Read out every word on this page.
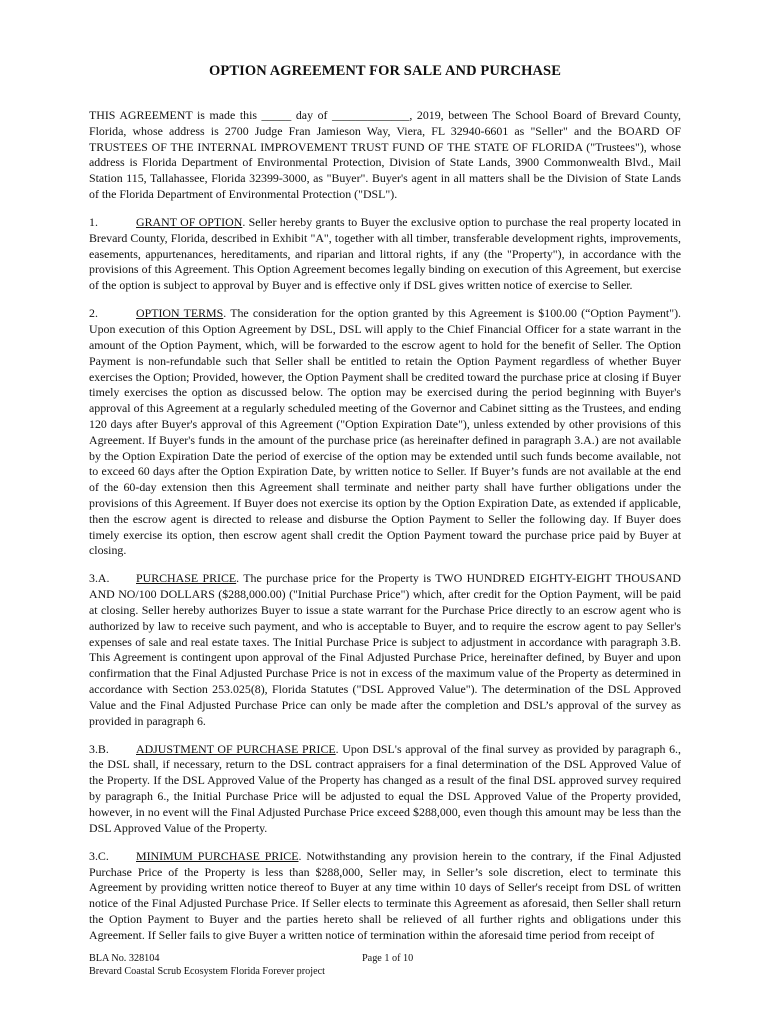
OPTION AGREEMENT FOR SALE AND PURCHASE

THIS AGREEMENT is made this _____ day of _____________, 2019, between The School Board of Brevard County, Florida, whose address is 2700 Judge Fran Jamieson Way, Viera, FL 32940-6601 as "Seller" and the BOARD OF TRUSTEES OF THE INTERNAL IMPROVEMENT TRUST FUND OF THE STATE OF FLORIDA ("Trustees"), whose address is Florida Department of Environmental Protection, Division of State Lands, 3900 Commonwealth Blvd., Mail Station 115, Tallahassee, Florida 32399-3000, as "Buyer". Buyer's agent in all matters shall be the Division of State Lands of the Florida Department of Environmental Protection ("DSL").

1.	GRANT OF OPTION. Seller hereby grants to Buyer the exclusive option to purchase the real property located in Brevard County, Florida, described in Exhibit "A", together with all timber, transferable development rights, improvements, easements, appurtenances, hereditaments, and riparian and littoral rights, if any (the "Property"), in accordance with the provisions of this Agreement. This Option Agreement becomes legally binding on execution of this Agreement, but exercise of the option is subject to approval by Buyer and is effective only if DSL gives written notice of exercise to Seller.

2.	OPTION TERMS. The consideration for the option granted by this Agreement is $100.00 (“Option Payment"). Upon execution of this Option Agreement by DSL, DSL will apply to the Chief Financial Officer for a state warrant in the amount of the Option Payment, which, will be forwarded to the escrow agent to hold for the benefit of Seller. The Option Payment is non-refundable such that Seller shall be entitled to retain the Option Payment regardless of whether Buyer exercises the Option; Provided, however, the Option Payment shall be credited toward the purchase price at closing if Buyer timely exercises the option as discussed below. The option may be exercised during the period beginning with Buyer's approval of this Agreement at a regularly scheduled meeting of the Governor and Cabinet sitting as the Trustees, and ending 120 days after Buyer's approval of this Agreement ("Option Expiration Date"), unless extended by other provisions of this Agreement. If Buyer's funds in the amount of the purchase price (as hereinafter defined in paragraph 3.A.) are not available by the Option Expiration Date the period of exercise of the option may be extended until such funds become available, not to exceed 60 days after the Option Expiration Date, by written notice to Seller. If Buyer’s funds are not available at the end of the 60-day extension then this Agreement shall terminate and neither party shall have further obligations under the provisions of this Agreement. If Buyer does not exercise its option by the Option Expiration Date, as extended if applicable, then the escrow agent is directed to release and disburse the Option Payment to Seller the following day. If Buyer does timely exercise its option, then escrow agent shall credit the Option Payment toward the purchase price paid by Buyer at closing.

3.A. PURCHASE PRICE. The purchase price for the Property is TWO HUNDRED EIGHTY-EIGHT THOUSAND AND NO/100 DOLLARS ($288,000.00) ("Initial Purchase Price") which, after credit for the Option Payment, will be paid at closing. Seller hereby authorizes Buyer to issue a state warrant for the Purchase Price directly to an escrow agent who is authorized by law to receive such payment, and who is acceptable to Buyer, and to require the escrow agent to pay Seller's expenses of sale and real estate taxes. The Initial Purchase Price is subject to adjustment in accordance with paragraph 3.B. This Agreement is contingent upon approval of the Final Adjusted Purchase Price, hereinafter defined, by Buyer and upon confirmation that the Final Adjusted Purchase Price is not in excess of the maximum value of the Property as determined in accordance with Section 253.025(8), Florida Statutes ("DSL Approved Value"). The determination of the DSL Approved Value and the Final Adjusted Purchase Price can only be made after the completion and DSL’s approval of the survey as provided in paragraph 6.

3.B. ADJUSTMENT OF PURCHASE PRICE. Upon DSL's approval of the final survey as provided by paragraph 6., the DSL shall, if necessary, return to the DSL contract appraisers for a final determination of the DSL Approved Value of the Property. If the DSL Approved Value of the Property has changed as a result of the final DSL approved survey required by paragraph 6., the Initial Purchase Price will be adjusted to equal the DSL Approved Value of the Property provided, however, in no event will the Final Adjusted Purchase Price exceed $288,000, even though this amount may be less than the DSL Approved Value of the Property.

3.C. MINIMUM PURCHASE PRICE. Notwithstanding any provision herein to the contrary, if the Final Adjusted Purchase Price of the Property is less than $288,000, Seller may, in Seller’s sole discretion, elect to terminate this Agreement by providing written notice thereof to Buyer at any time within 10 days of Seller's receipt from DSL of written notice of the Final Adjusted Purchase Price. If Seller elects to terminate this Agreement as aforesaid, then Seller shall return the Option Payment to Buyer and the parties hereto shall be relieved of all further rights and obligations under this Agreement. If Seller fails to give Buyer a written notice of termination within the aforesaid time period from receipt of

BLA No. 328104
Brevard Coastal Scrub Ecosystem Florida Forever project
Page 1 of 10
